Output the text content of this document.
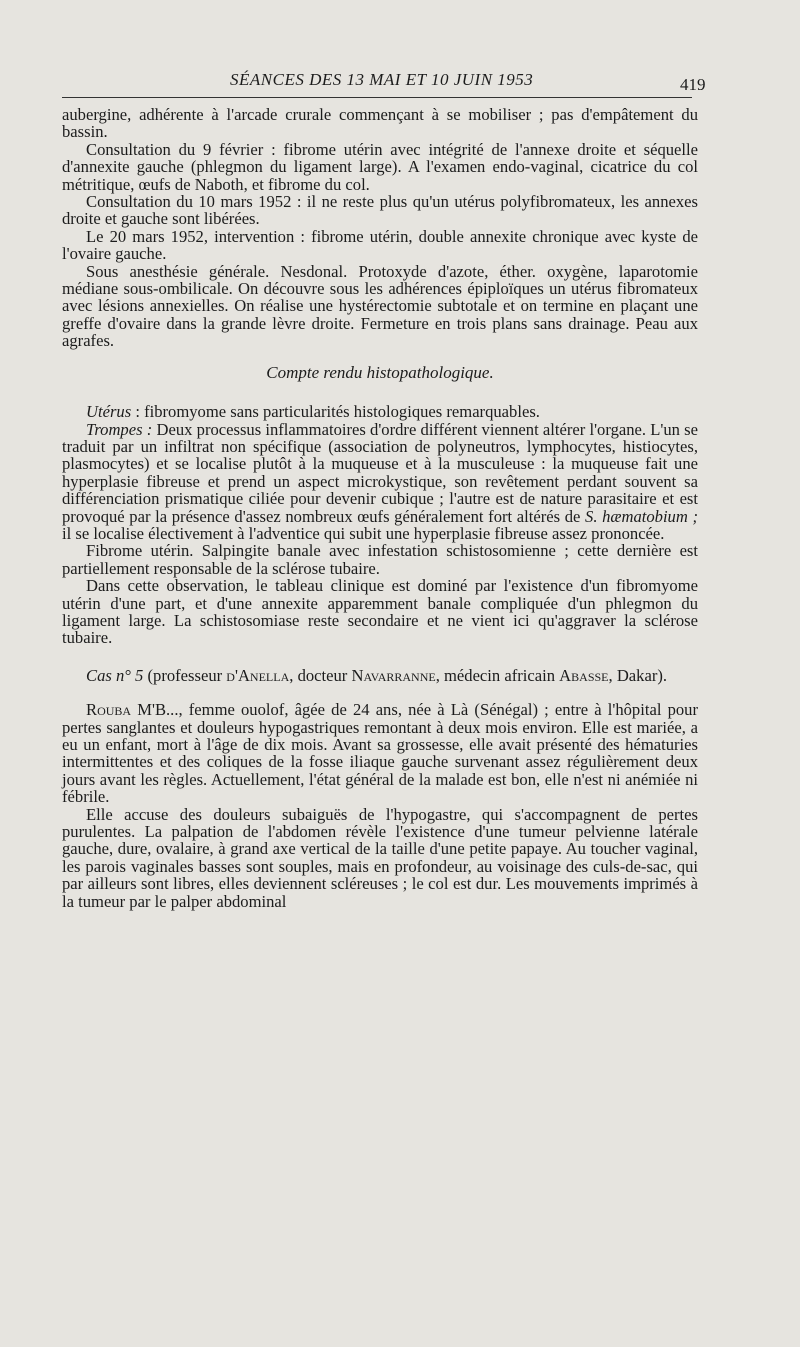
SÉANCES DES 13 MAI ET 10 JUIN 1953	419

aubergine, adhérente à l'arcade crurale commençant à se mobiliser ; pas d'empâtement du bassin.

Consultation du 9 février : fibrome utérin avec intégrité de l'annexe droite et séquelle d'annexite gauche (phlegmon du ligament large). A l'examen endo-vaginal, cicatrice du col métritique, œufs de Naboth, et fibrome du col.

Consultation du 10 mars 1952 : il ne reste plus qu'un utérus polyfibromateux, les annexes droite et gauche sont libérées.

Le 20 mars 1952, intervention : fibrome utérin, double annexite chronique avec kyste de l'ovaire gauche.

Sous anesthésie générale. Nesdonal. Protoxyde d'azote, éther. oxygène, laparotomie médiane sous-ombilicale. On découvre sous les adhérences épiploïques un utérus fibromateux avec lésions annexielles. On réalise une hystérectomie subtotale et on termine en plaçant une greffe d'ovaire dans la grande lèvre droite. Fermeture en trois plans sans drainage. Peau aux agrafes.

Compte rendu histopathologique.

Utérus : fibromyome sans particularités histologiques remarquables.

Trompes : Deux processus inflammatoires d'ordre différent viennent altérer l'organe. L'un se traduit par un infiltrat non spécifique (association de polyneutros, lymphocytes, histiocytes, plasmocytes) et se localise plutôt à la muqueuse et à la musculeuse : la muqueuse fait une hyperplasie fibreuse et prend un aspect microkystique, son revêtement perdant souvent sa différenciation prismatique ciliée pour devenir cubique ; l'autre est de nature parasitaire et est provoqué par la présence d'assez nombreux œufs généralement fort altérés de S. hæmatobium ; il se localise électivement à l'adventice qui subit une hyperplasie fibreuse assez prononcée.

Fibrome utérin. Salpingite banale avec infestation schistosomienne ; cette dernière est partiellement responsable de la sclérose tubaire.

Dans cette observation, le tableau clinique est dominé par l'existence d'un fibromyome utérin d'une part, et d'une annexite apparemment banale compliquée d'un phlegmon du ligament large. La schistosomiase reste secondaire et ne vient ici qu'aggraver la sclérose tubaire.

Cas n° 5 (professeur d'Anella, docteur Navarranne, médecin africain Abasse, Dakar).

Rouba M'B..., femme ouolof, âgée de 24 ans, née à Là (Sénégal) ; entre à l'hôpital pour pertes sanglantes et douleurs hypogastriques remontant à deux mois environ. Elle est mariée, a eu un enfant, mort à l'âge de dix mois. Avant sa grossesse, elle avait présenté des hématuries intermittentes et des coliques de la fosse iliaque gauche survenant assez régulièrement deux jours avant les règles. Actuellement, l'état général de la malade est bon, elle n'est ni anémiée ni fébrile.

Elle accuse des douleurs subaiguës de l'hypogastre, qui s'accompagnent de pertes purulentes. La palpation de l'abdomen révèle l'existence d'une tumeur pelvienne latérale gauche, dure, ovalaire, à grand axe vertical de la taille d'une petite papaye. Au toucher vaginal, les parois vaginales basses sont souples, mais en profondeur, au voisinage des culs-de-sac, qui par ailleurs sont libres, elles deviennent scléreuses ; le col est dur. Les mouvements imprimés à la tumeur par le palper abdominal
